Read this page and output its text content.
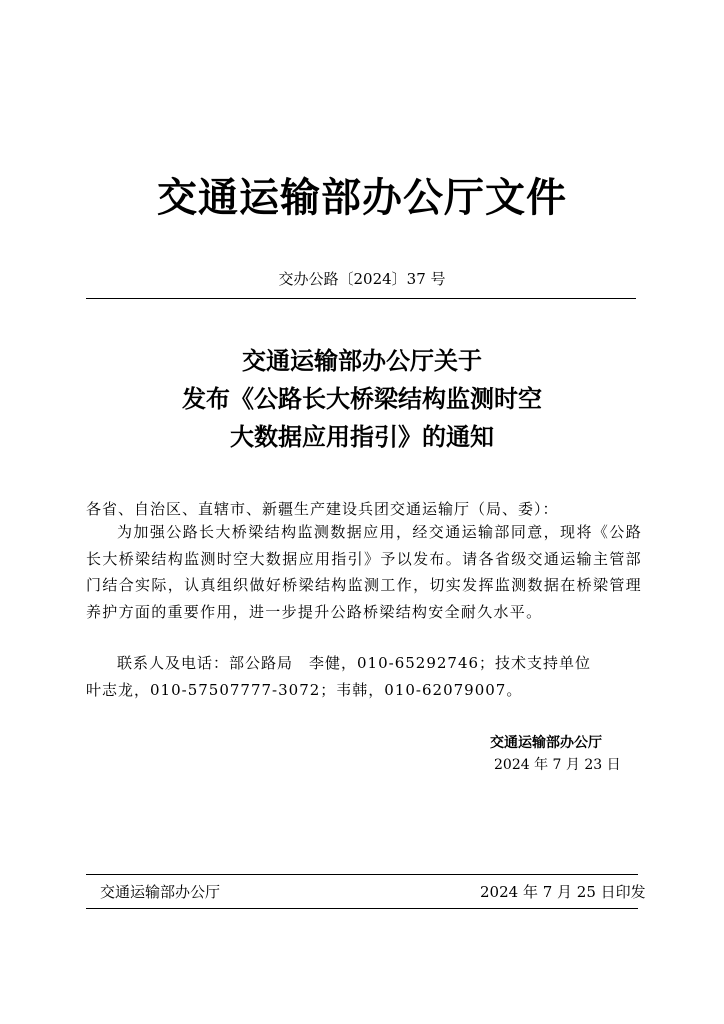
交通运输部办公厅文件
交办公路〔2024〕37 号
交通运输部办公厅关于
发布《公路长大桥梁结构监测时空
大数据应用指引》的通知
各省、自治区、直辖市、新疆生产建设兵团交通运输厅（局、委）：
为加强公路长大桥梁结构监测数据应用，经交通运输部同意，现将《公路长大桥梁结构监测时空大数据应用指引》予以发布。请各省级交通运输主管部门结合实际，认真组织做好桥梁结构监测工作，切实发挥监测数据在桥梁管理养护方面的重要作用，进一步提升公路桥梁结构安全耐久水平。
联系人及电话：部公路局　李健，010-65292746；技术支持单位
叶志龙，010-57507777-3072；韦韩，010-62079007。
交通运输部办公厅
2024 年 7 月 23 日
交通运输部办公厅	2024 年 7 月 25 日印发
